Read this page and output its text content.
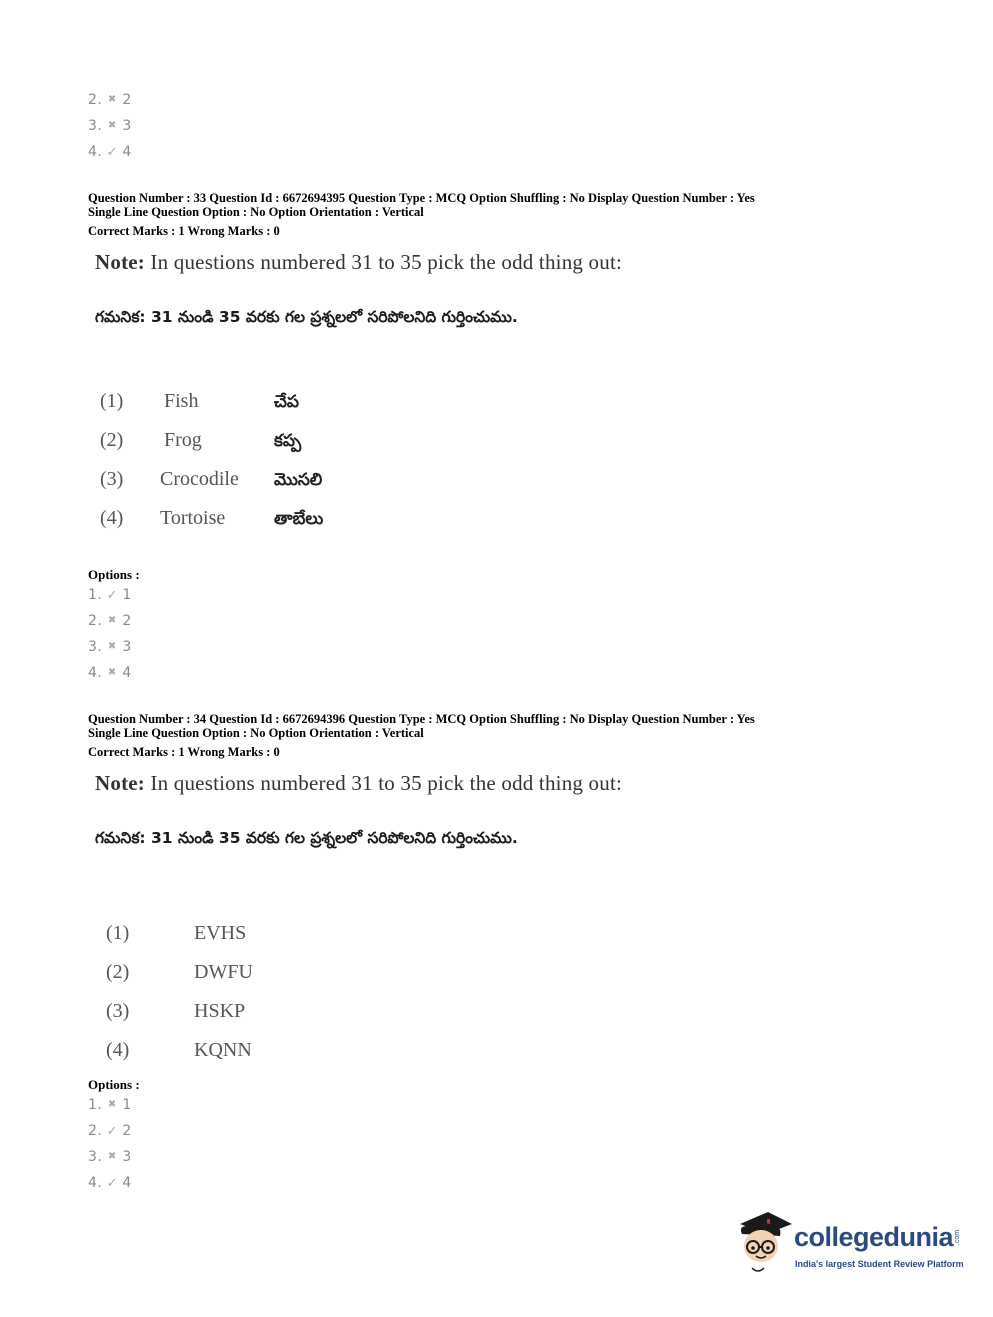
2. ✖ 2
3. ✖ 3
4. ✓ 4
Question Number : 33 Question Id : 6672694395 Question Type : MCQ Option Shuffling : No Display Question Number : Yes
Single Line Question Option : No Option Orientation : Vertical
Correct Marks : 1 Wrong Marks : 0
Note: In questions numbered 31 to 35 pick the odd thing out:
గమనిక: 31 నుండి 35 వరకు గల ప్రశ్నలలో సరిపోలనిది గుర్తించుము.
(1) Fish	చేప
(2) Frog	కప్ప
(3) Crocodile మొసలి
(4) Tortoise	తాబేలు
Options :
1. ✓ 1
2. ✖ 2
3. ✖ 3
4. ✖ 4
Question Number : 34 Question Id : 6672694396 Question Type : MCQ Option Shuffling : No Display Question Number : Yes
Single Line Question Option : No Option Orientation : Vertical
Correct Marks : 1 Wrong Marks : 0
Note: In questions numbered 31 to 35 pick the odd thing out:
గమనిక: 31 నుండి 35 వరకు గల ప్రశ్నలలో సరిపోలనిది గుర్తించుము.
(1)	EVHS
(2)	DWFU
(3)	HSKP
(4)	KQNN
Options :
1. ✖ 1
2. ✓ 2
3. ✖ 3
4. ✓ 4
collegedunia .com
India's largest Student Review Platform
